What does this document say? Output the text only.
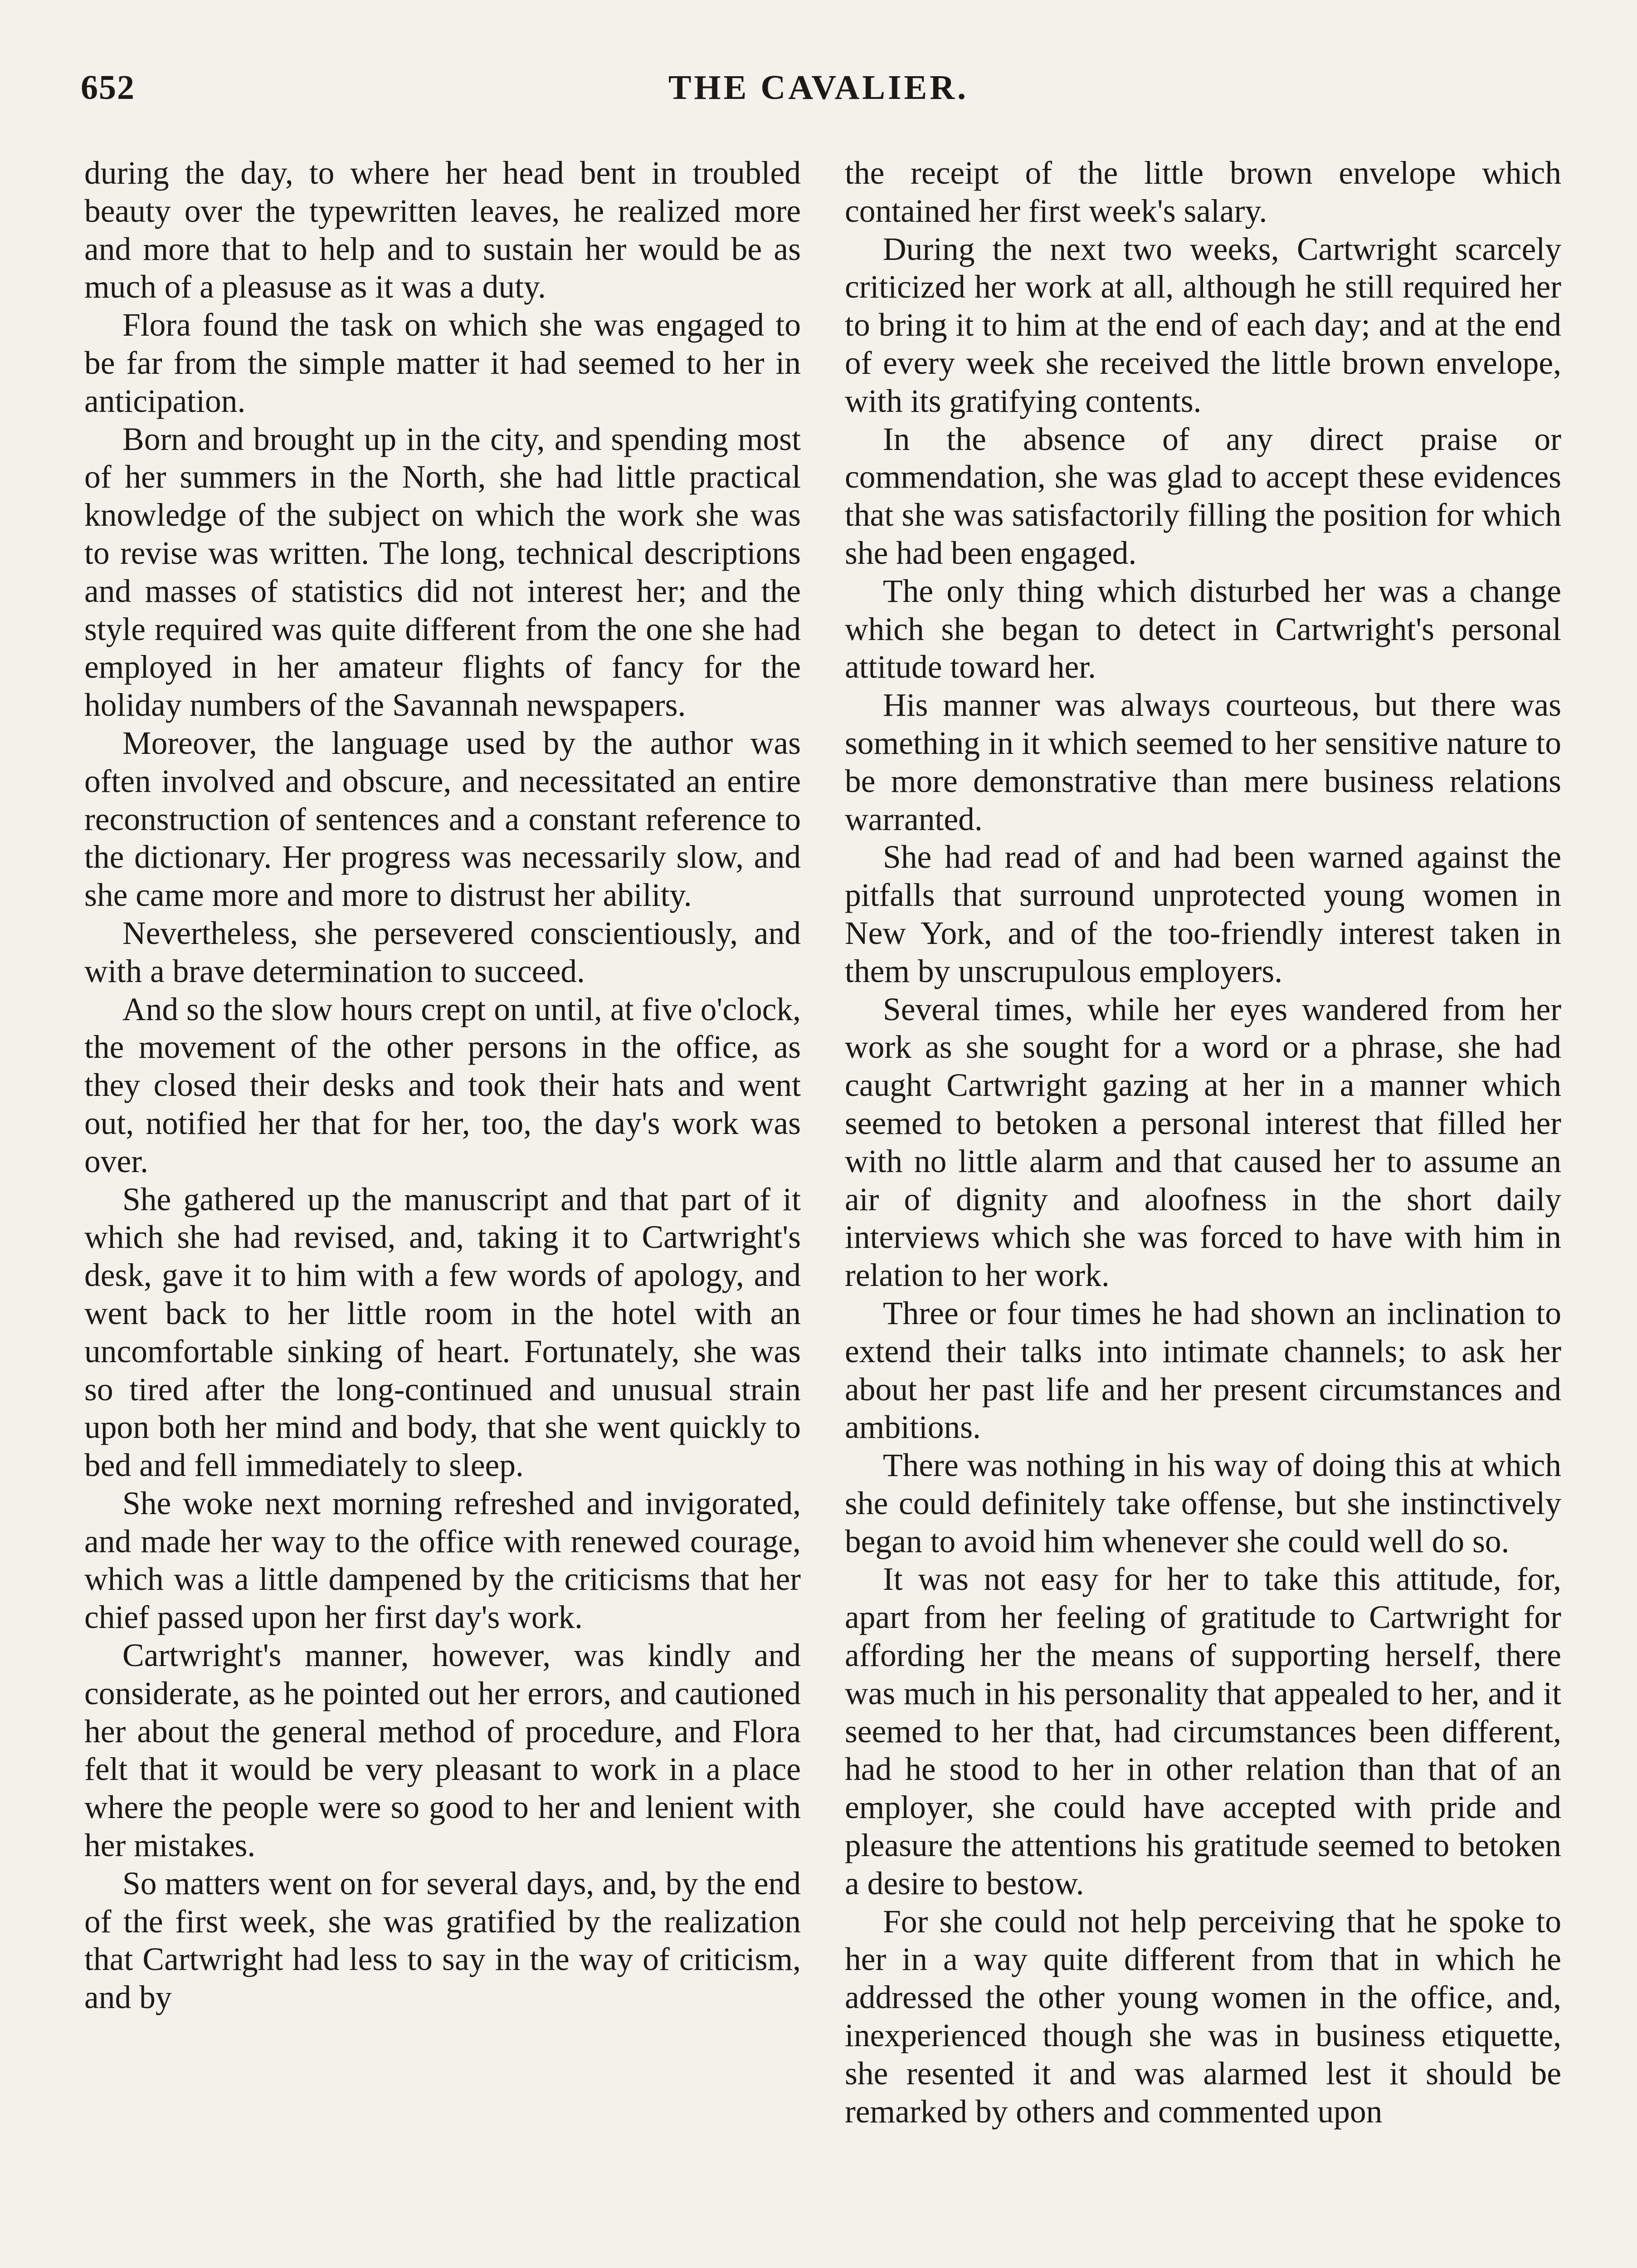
652	THE CAVALIER.

during the day, to where her head bent in troubled beauty over the typewritten leaves, he realized more and more that to help and to sustain her would be as much of a pleasuse as it was a duty.

Flora found the task on which she was engaged to be far from the simple matter it had seemed to her in anticipation.

Born and brought up in the city, and spending most of her summers in the North, she had little practical knowledge of the subject on which the work she was to revise was written. The long, technical descriptions and masses of statistics did not interest her; and the style required was quite different from the one she had employed in her amateur flights of fancy for the holiday numbers of the Savannah newspapers.

Moreover, the language used by the author was often involved and obscure, and necessitated an entire reconstruction of sentences and a constant reference to the dictionary. Her progress was necessarily slow, and she came more and more to distrust her ability.

Nevertheless, she persevered conscientiously, and with a brave determination to succeed.

And so the slow hours crept on until, at five o'clock, the movement of the other persons in the office, as they closed their desks and took their hats and went out, notified her that for her, too, the day's work was over.

She gathered up the manuscript and that part of it which she had revised, and, taking it to Cartwright's desk, gave it to him with a few words of apology, and went back to her little room in the hotel with an uncomfortable sinking of heart. Fortunately, she was so tired after the long-continued and unusual strain upon both her mind and body, that she went quickly to bed and fell immediately to sleep.

She woke next morning refreshed and invigorated, and made her way to the office with renewed courage, which was a little dampened by the criticisms that her chief passed upon her first day's work.

Cartwright's manner, however, was kindly and considerate, as he pointed out her errors, and cautioned her about the general method of procedure, and Flora felt that it would be very pleasant to work in a place where the people were so good to her and lenient with her mistakes.

So matters went on for several days, and, by the end of the first week, she was gratified by the realization that Cartwright had less to say in the way of criticism, and by

the receipt of the little brown envelope which contained her first week's salary.

During the next two weeks, Cartwright scarcely criticized her work at all, although he still required her to bring it to him at the end of each day; and at the end of every week she received the little brown envelope, with its gratifying contents.

In the absence of any direct praise or commendation, she was glad to accept these evidences that she was satisfactorily filling the position for which she had been engaged.

The only thing which disturbed her was a change which she began to detect in Cartwright's personal attitude toward her.

His manner was always courteous, but there was something in it which seemed to her sensitive nature to be more demonstrative than mere business relations warranted.

She had read of and had been warned against the pitfalls that surround unprotected young women in New York, and of the too-friendly interest taken in them by unscrupulous employers.

Several times, while her eyes wandered from her work as she sought for a word or a phrase, she had caught Cartwright gazing at her in a manner which seemed to betoken a personal interest that filled her with no little alarm and that caused her to assume an air of dignity and aloofness in the short daily interviews which she was forced to have with him in relation to her work.

Three or four times he had shown an inclination to extend their talks into intimate channels; to ask her about her past life and her present circumstances and ambitions.

There was nothing in his way of doing this at which she could definitely take offense, but she instinctively began to avoid him whenever she could well do so.

It was not easy for her to take this attitude, for, apart from her feeling of gratitude to Cartwright for affording her the means of supporting herself, there was much in his personality that appealed to her, and it seemed to her that, had circumstances been different, had he stood to her in other relation than that of an employer, she could have accepted with pride and pleasure the attentions his gratitude seemed to betoken a desire to bestow.

For she could not help perceiving that he spoke to her in a way quite different from that in which he addressed the other young women in the office, and, inexperienced though she was in business etiquette, she resented it and was alarmed lest it should be remarked by others and commented upon
